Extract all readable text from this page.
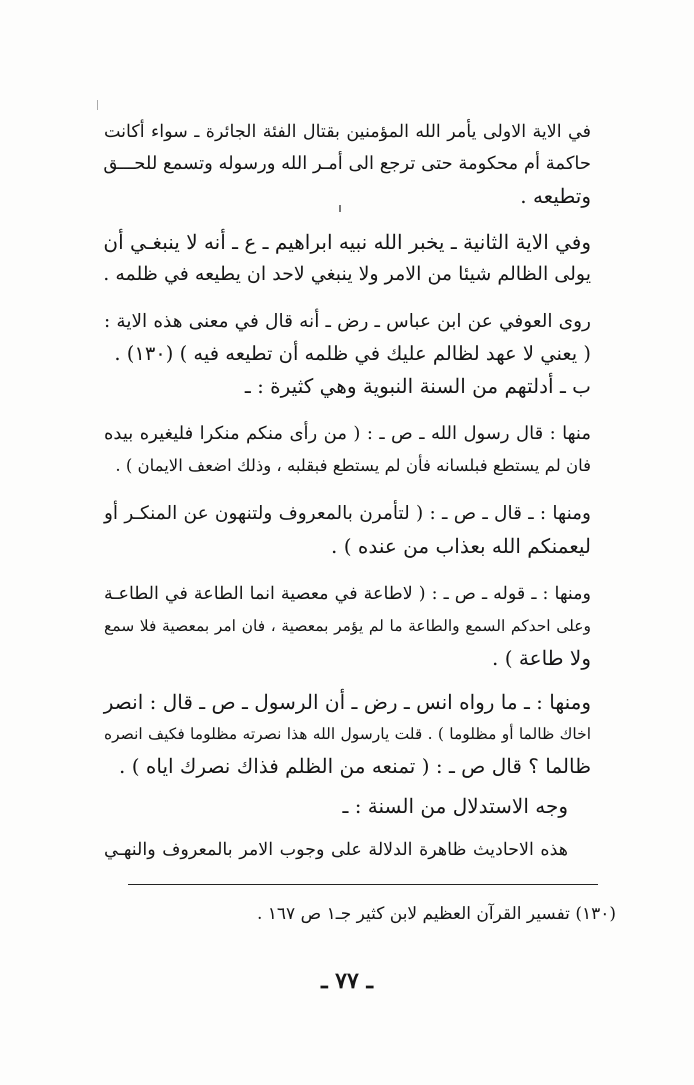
في الاية الاولى يأمر الله المؤمنين بقتال الفئة الجائرة ـ سواء أكانت
حاكمة أم محكومة حتى ترجع الى أمـر الله ورسوله وتسمع للحـــق
وتطيعه .
وفي الاية الثانية ـ يخبر الله نبيه ابراهيم ـ ع ـ أنه لا ينبغـي أن
يولى الظالم شيئا من الامر ولا ينبغي لاحد ان يطيعه في ظلمه .
روى العوفي عن ابن عباس ـ رض ـ أنه قال في معنى هذه الاية :
( يعني لا عهد لظالم عليك في ظلمه أن تطيعه فيه ) (١٣٠) .
ب ـ أدلتهم من السنة النبوية وهي كثيرة : ـ
منها : قال رسول الله ـ ص ـ : ( من رأى منكم منكرا فليغيره بيده
فان لم يستطع فبلسانه فأن لم يستطع فبقلبه ، وذلك اضعف الايمان ) .
ومنها : ـ قال ـ ص ـ : ( لتأمرن بالمعروف ولتنهون عن المنكـر أو
ليعمنكم الله بعذاب من عنده ) .
ومنها : ـ قوله ـ ص ـ : ( لاطاعة في معصية انما الطاعة في الطاعـة
وعلى احدكم السمع والطاعة ما لم يؤمر بمعصية ، فان امر بمعصية فلا سمع
ولا طاعة ) .
ومنها : ـ ما رواه انس ـ رض ـ أن الرسول ـ ص ـ قال : انصر
اخاك ظالما أو مظلوما ) . قلت يارسول الله هذا نصرته مظلوما فكيف انصره
ظالما ؟ قال ص ـ : ( تمنعه من الظلم فذاك نصرك اياه ) .
وجه الاستدلال من السنة : ـ
هذه الاحاديث ظاهرة الدلالة على وجوب الامر بالمعروف والنهـي
(١٣٠) تفسير القرآن العظيم لابن كثير جـ١ ص ١٦٧ .
ـ ٧٧ ـ
